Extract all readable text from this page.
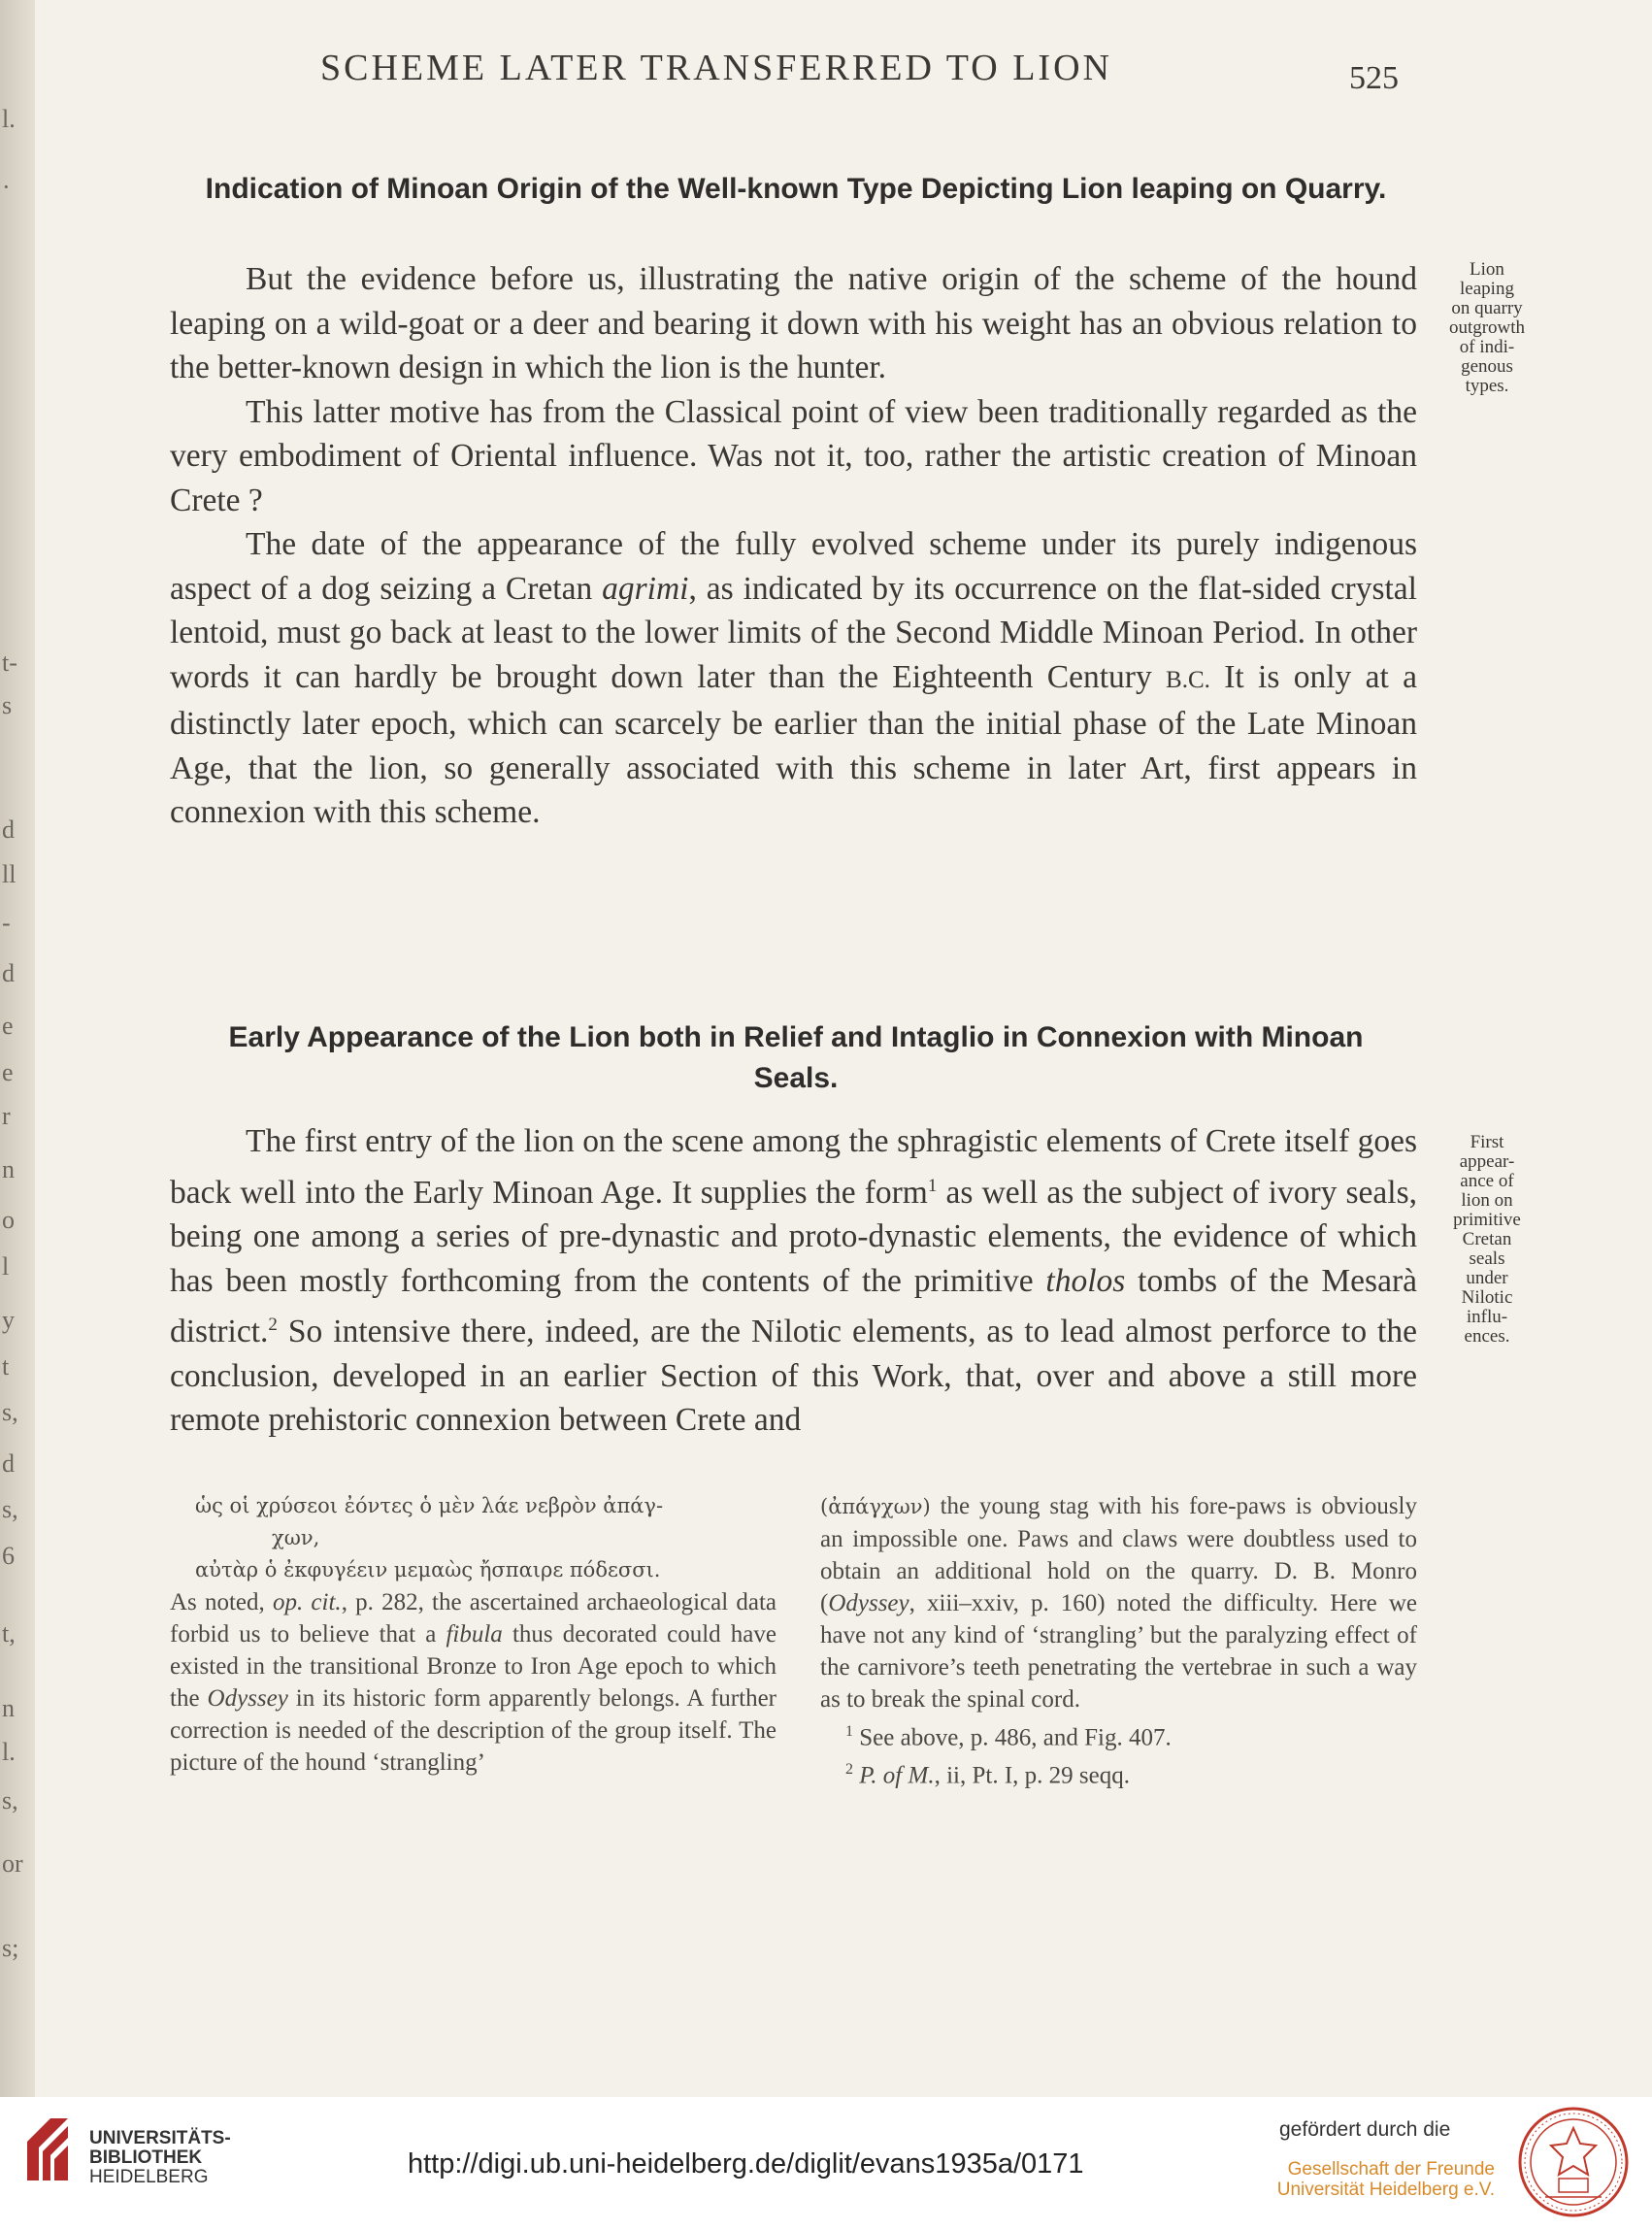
l.
·
t-
s
d
ll
-
d
e
e
r
n
o
l
y
t
s,
d
s,
6
t,
n
l.
s,
or
s;
SCHEME LATER TRANSFERRED TO LION	525
Indication of Minoan Origin of the Well-known Type Depicting Lion leaping on Quarry.

But the evidence before us, illustrating the native origin of the scheme of the hound leaping on a wild-goat or a deer and bearing it down with his weight has an obvious relation to the better-known design in which the lion is the hunter.

This latter motive has from the Classical point of view been traditionally regarded as the very embodiment of Oriental influence. Was not it, too, rather the artistic creation of Minoan Crete ?

The date of the appearance of the fully evolved scheme under its purely indigenous aspect of a dog seizing a Cretan agrimi, as indicated by its occurrence on the flat-sided crystal lentoid, must go back at least to the lower limits of the Second Middle Minoan Period. In other words it can hardly be brought down later than the Eighteenth Century B.C. It is only at a distinctly later epoch, which can scarcely be earlier than the initial phase of the Late Minoan Age, that the lion, so generally associated with this scheme in later Art, first appears in connexion with this scheme.

Lion
leaping
on quarry
outgrowth
of indi-
genous
types.
Early Appearance of the Lion both in Relief and Intaglio in Connexion with Minoan Seals.

The first entry of the lion on the scene among the sphragistic elements of Crete itself goes back well into the Early Minoan Age. It supplies the form$^1$ as well as the subject of ivory seals, being one among a series of pre-dynastic and proto-dynastic elements, the evidence of which has been mostly forthcoming from the contents of the primitive tholos tombs of the Mesarà district.$^2$ So intensive there, indeed, are the Nilotic elements, as to lead almost perforce to the conclusion, developed in an earlier Section of this Work, that, over and above a still more remote prehistoric connexion between Crete and

First
appear-
ance of
lion on
primitive
Cretan
seals
under
Nilotic
influ-
ences.

ὡς οἱ χρύσεοι ἐόντες ὁ μὲν λάε νεβρὸν ἀπάγ-

χων,

αὐτὰρ ὁ ἐκφυγέειν μεμαὼς ἤσπαιρε πόδεσσι.

As noted, op. cit., p. 282, the ascertained archaeological data forbid us to believe that a fibula thus decorated could have existed in the transitional Bronze to Iron Age epoch to which the Odyssey in its historic form apparently belongs. A further correction is needed of the description of the group itself. The picture of the hound ‘strangling’

(ἀπάγχων) the young stag with his fore-paws is obviously an impossible one. Paws and claws were doubtless used to obtain an additional hold on the quarry. D. B. Monro (Odyssey, xiii–xxiv, p. 160) noted the difficulty. Here we have not any kind of ‘strangling’ but the paralyzing effect of the carnivore’s teeth penetrating the vertebrae in such a way as to break the spinal cord.

$^1$ See above, p. 486, and Fig. 407.

$^2$ P. of M., ii, Pt. I, p. 29 seqq.

UNIVERSITÄTS-
BIBLIOTHEK
HEIDELBERG	http://digi.ub.uni-heidelberg.de/diglit/evans1935a/0171
gefördert durch die
Gesellschaft der Freunde
Universität Heidelberg e.V.
